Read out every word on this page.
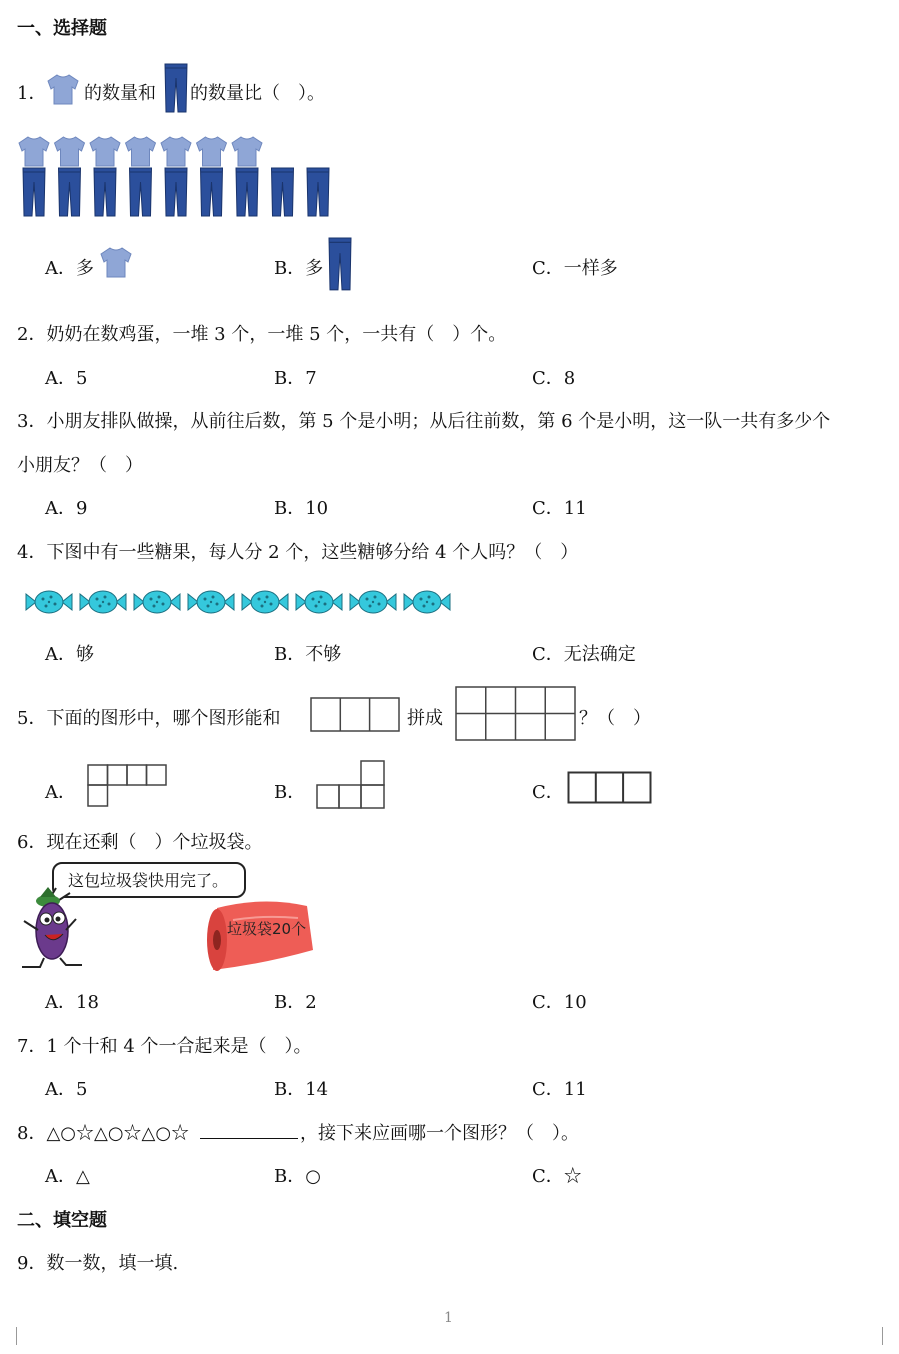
一、选择题
1． 的数量和 的数量比（　）。
A．多	B．多	C．一样多
2．奶奶在数鸡蛋，一堆 3 个，一堆 5 个，一共有（　）个。
A．5	B．7	C．8
3．小朋友排队做操，从前往后数，第 5 个是小明；从后往前数，第 6 个是小明，这一队一共有多少个
小朋友？（　）
A．9	B．10	C．11
4．下图中有一些糖果，每人分 2 个，这些糖够分给 4 个人吗？（　）
A．够	B．不够	C．无法确定
5．下面的图形中，哪个图形能和	拼成	？（　）
A．	B．	C．
6．现在还剩（　）个垃圾袋。
这包垃圾袋快用完了。
垃圾袋20个
A．18	B．2	C．10
7．1 个十和 4 个一合起来是（　）。
A．5	B．14	C．11
8．△○☆△○☆△○☆	，接下来应画哪一个图形？（　）。
A．△	B．○	C．☆
二、填空题
9．数一数，填一填.
1
